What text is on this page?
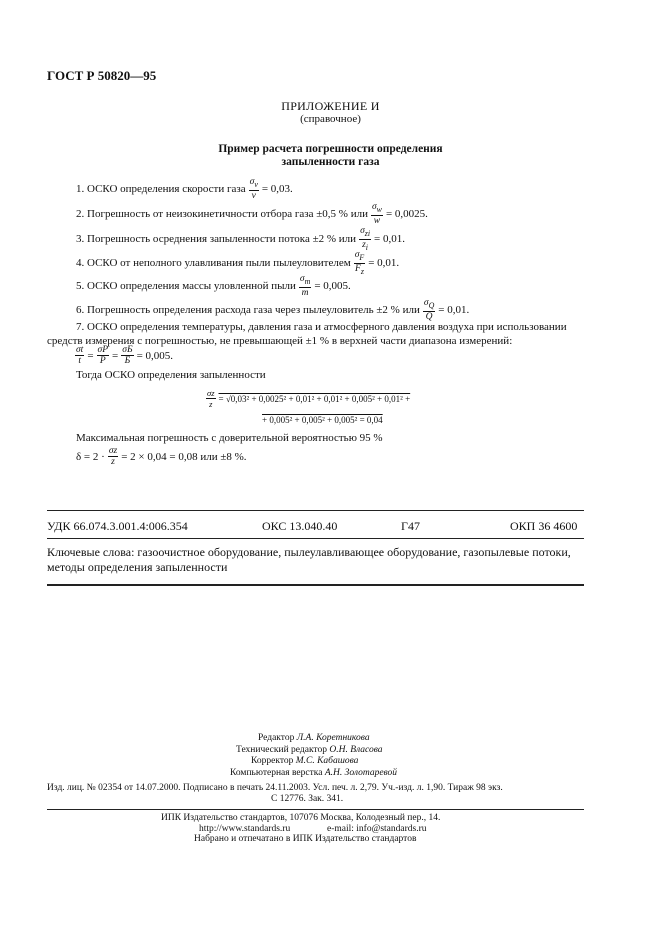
ГОСТ Р 50820—95
ПРИЛОЖЕНИЕ И
(справочное)
Пример расчета погрешности определения
запыленности газа
1. ОСКО определения скорости газа $\frac{\sigma_v}{v} = 0,03$.
2. Погрешность от неизокинетичности отбора газа ±0,5 % или $\frac{\sigma_w}{w} = 0,0025$.
3. Погрешность осреднения запыленности потока ±2 % или $\frac{\sigma_{zi}}{z_i} = 0,01$.
4. ОСКО от неполного улавливания пыли пылеуловителем $\frac{\sigma_F}{F_z} = 0,01$.
5. ОСКО определения массы уловленной пыли $\frac{\sigma_m}{m} = 0,005$.
6. Погрешность определения расхода газа через пылеуловитель ±2 % или $\frac{\sigma_Q}{Q} = 0,01$.
7. ОСКО определения температуры, давления газа и атмосферного давления воздуха при использовании средств измерения с погрешностью, не превышающей ±1 % в верхней части диапазона измерений:
$\frac{\sigma t}{t} = \frac{\sigma P}{P} = \frac{\sigma Б}{Б} = 0,005$.
Тогда ОСКО определения запыленности
$\frac{\sigma z}{z} = √0,03^2 + 0,0025^2 + 0,01^2 + 0,01^2 + 0,005^2 + 0,01^2$ +
+ 0,005² + 0,005² + 0,005² = 0,04
Максимальная погрешность с доверительной вероятностью 95 %
$\delta = 2 \cdot \frac{\sigma z}{z} = 2 \times 0,04 = 0,08$ или ±8 %.
УДК 66.074.3.001.4:006.354	ОКС 13.040.40	Г47	ОКП 36 4600
Ключевые слова: газоочистное оборудование, пылеулавливающее оборудование, газопылевые потоки, методы определения запыленности
Редактор Л.А. Коретникова
Технический редактор О.Н. Власова
Корректор М.С. Кабашова
Компьютерная верстка А.Н. Золотаревой
Изд. лиц. № 02354 от 14.07.2000. Подписано в печать 24.11.2003. Усл. печ. л. 2,79. Уч.-изд. л. 1,90. Тираж 98 экз.
С 12776. Зак. 341.
ИПК Издательство стандартов, 107076 Москва, Колодезный пер., 14.
http://www.standards.ru	e-mail: info@standards.ru
Набрано и отпечатано в ИПК Издательство стандартов
